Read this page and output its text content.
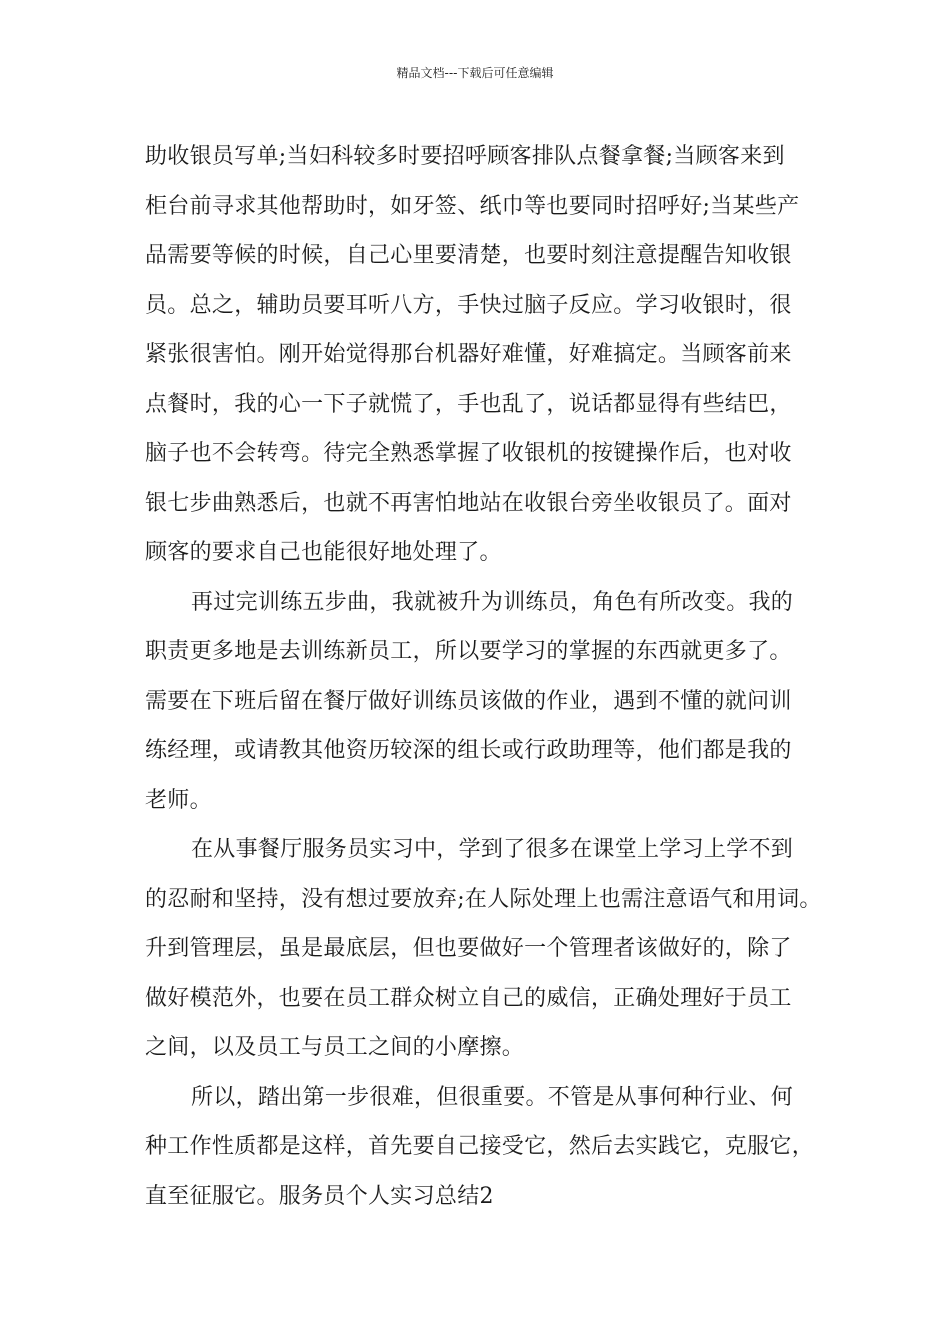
精品文档---下载后可任意编辑
助收银员写单;当妇科较多时要招呼顾客排队点餐拿餐;当顾客来到
柜台前寻求其他帮助时，如牙签、纸巾等也要同时招呼好;当某些产
品需要等候的时候，自己心里要清楚，也要时刻注意提醒告知收银
员。总之，辅助员要耳听八方，手快过脑子反应。学习收银时，很
紧张很害怕。刚开始觉得那台机器好难懂，好难搞定。当顾客前来
点餐时，我的心一下子就慌了，手也乱了，说话都显得有些结巴，
脑子也不会转弯。待完全熟悉掌握了收银机的按键操作后，也对收
银七步曲熟悉后，也就不再害怕地站在收银台旁坐收银员了。面对
顾客的要求自己也能很好地处理了。
再过完训练五步曲，我就被升为训练员，角色有所改变。我的
职责更多地是去训练新员工，所以要学习的掌握的东西就更多了。
需要在下班后留在餐厅做好训练员该做的作业，遇到不懂的就问训
练经理，或请教其他资历较深的组长或行政助理等，他们都是我的
老师。
在从事餐厅服务员实习中，学到了很多在课堂上学习上学不到
的忍耐和坚持，没有想过要放弃;在人际处理上也需注意语气和用词。
升到管理层，虽是最底层，但也要做好一个管理者该做好的，除了
做好模范外，也要在员工群众树立自己的威信，正确处理好于员工
之间，以及员工与员工之间的小摩擦。
所以，踏出第一步很难，但很重要。不管是从事何种行业、何
种工作性质都是这样，首先要自己接受它，然后去实践它，克服它，
直至征服它。服务员个人实习总结2
